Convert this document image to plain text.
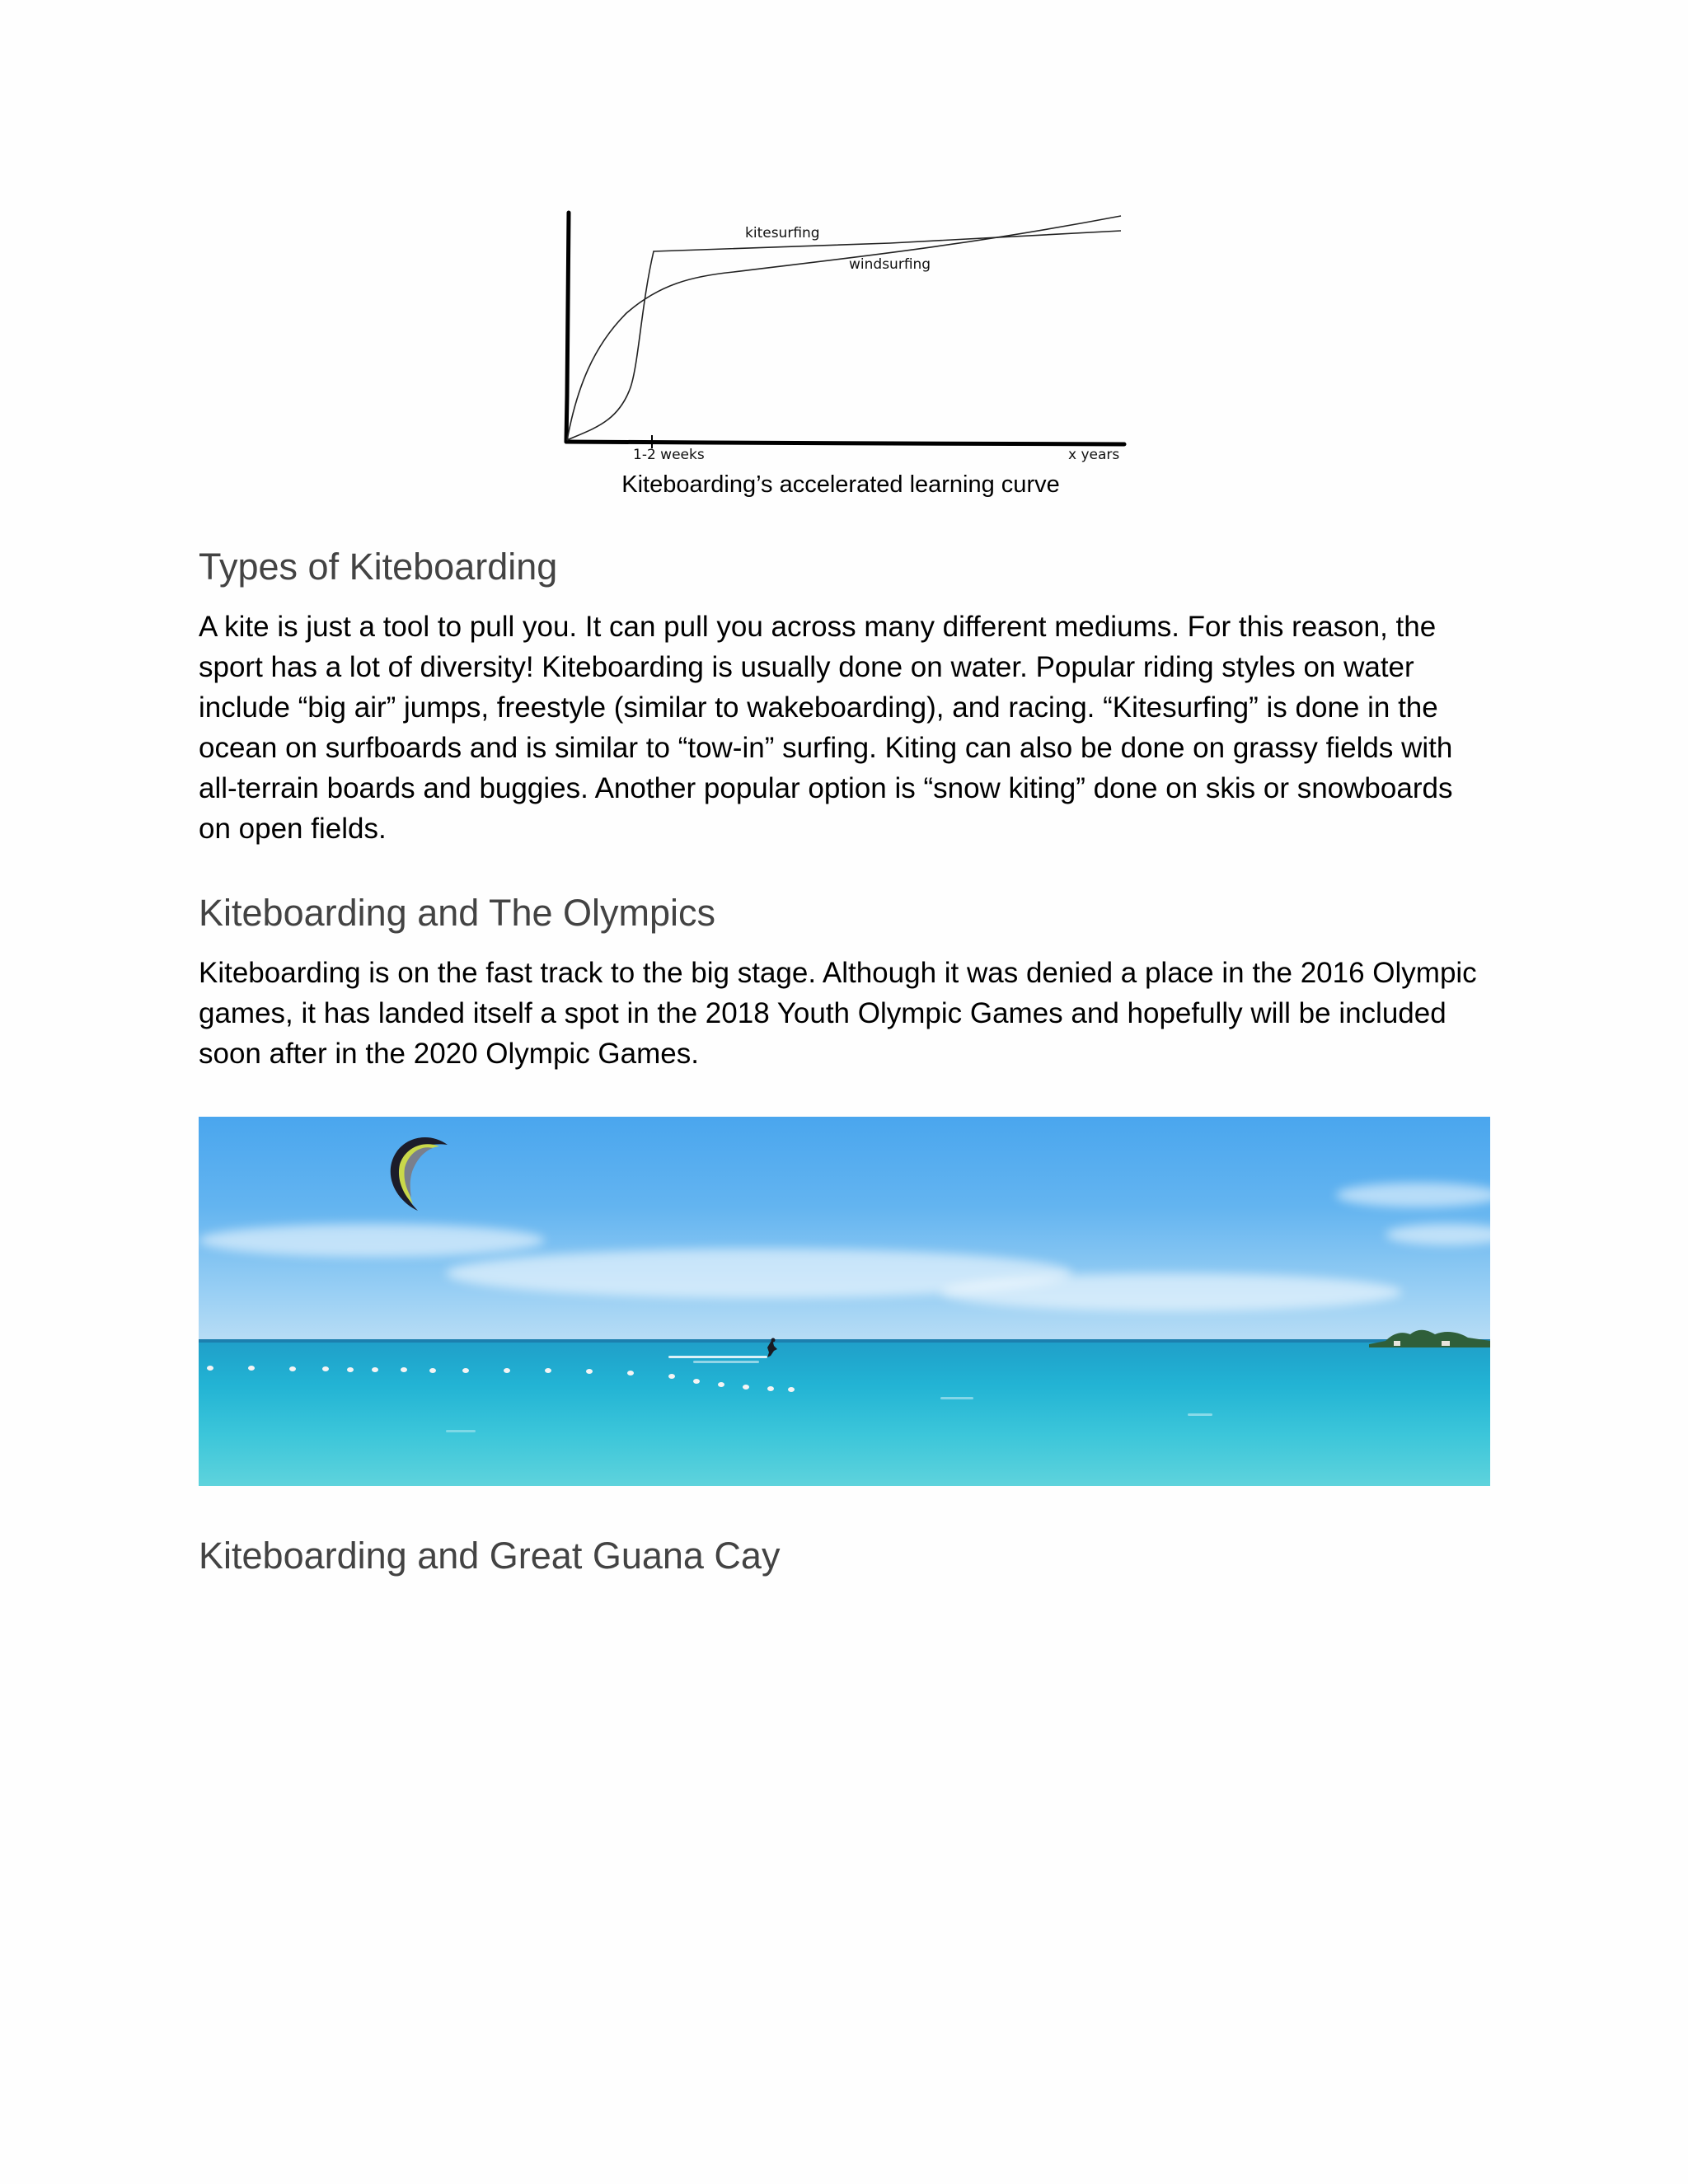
kitesurfing
windsurfing
1-2 weeks	x years
Kiteboarding’s accelerated learning curve
Types of Kiteboarding

A kite is just a tool to pull you. It can pull you across many different mediums. For this reason, the sport has a lot of diversity! Kiteboarding is usually done on water. Popular riding styles on water include “big air” jumps, freestyle (similar to wakeboarding), and racing. “Kitesurfing” is done in the ocean on surfboards and is similar to “tow-in” surfing. Kiting can also be done on grassy fields with all-terrain boards and buggies. Another popular option is “snow kiting” done on skis or snowboards on open fields.

Kiteboarding and The Olympics

Kiteboarding is on the fast track to the big stage. Although it was denied a place in the 2016 Olympic games, it has landed itself a spot in the 2018 Youth Olympic Games and hopefully will be included soon after in the 2020 Olympic Games.

Kiteboarding and Great Guana Cay
